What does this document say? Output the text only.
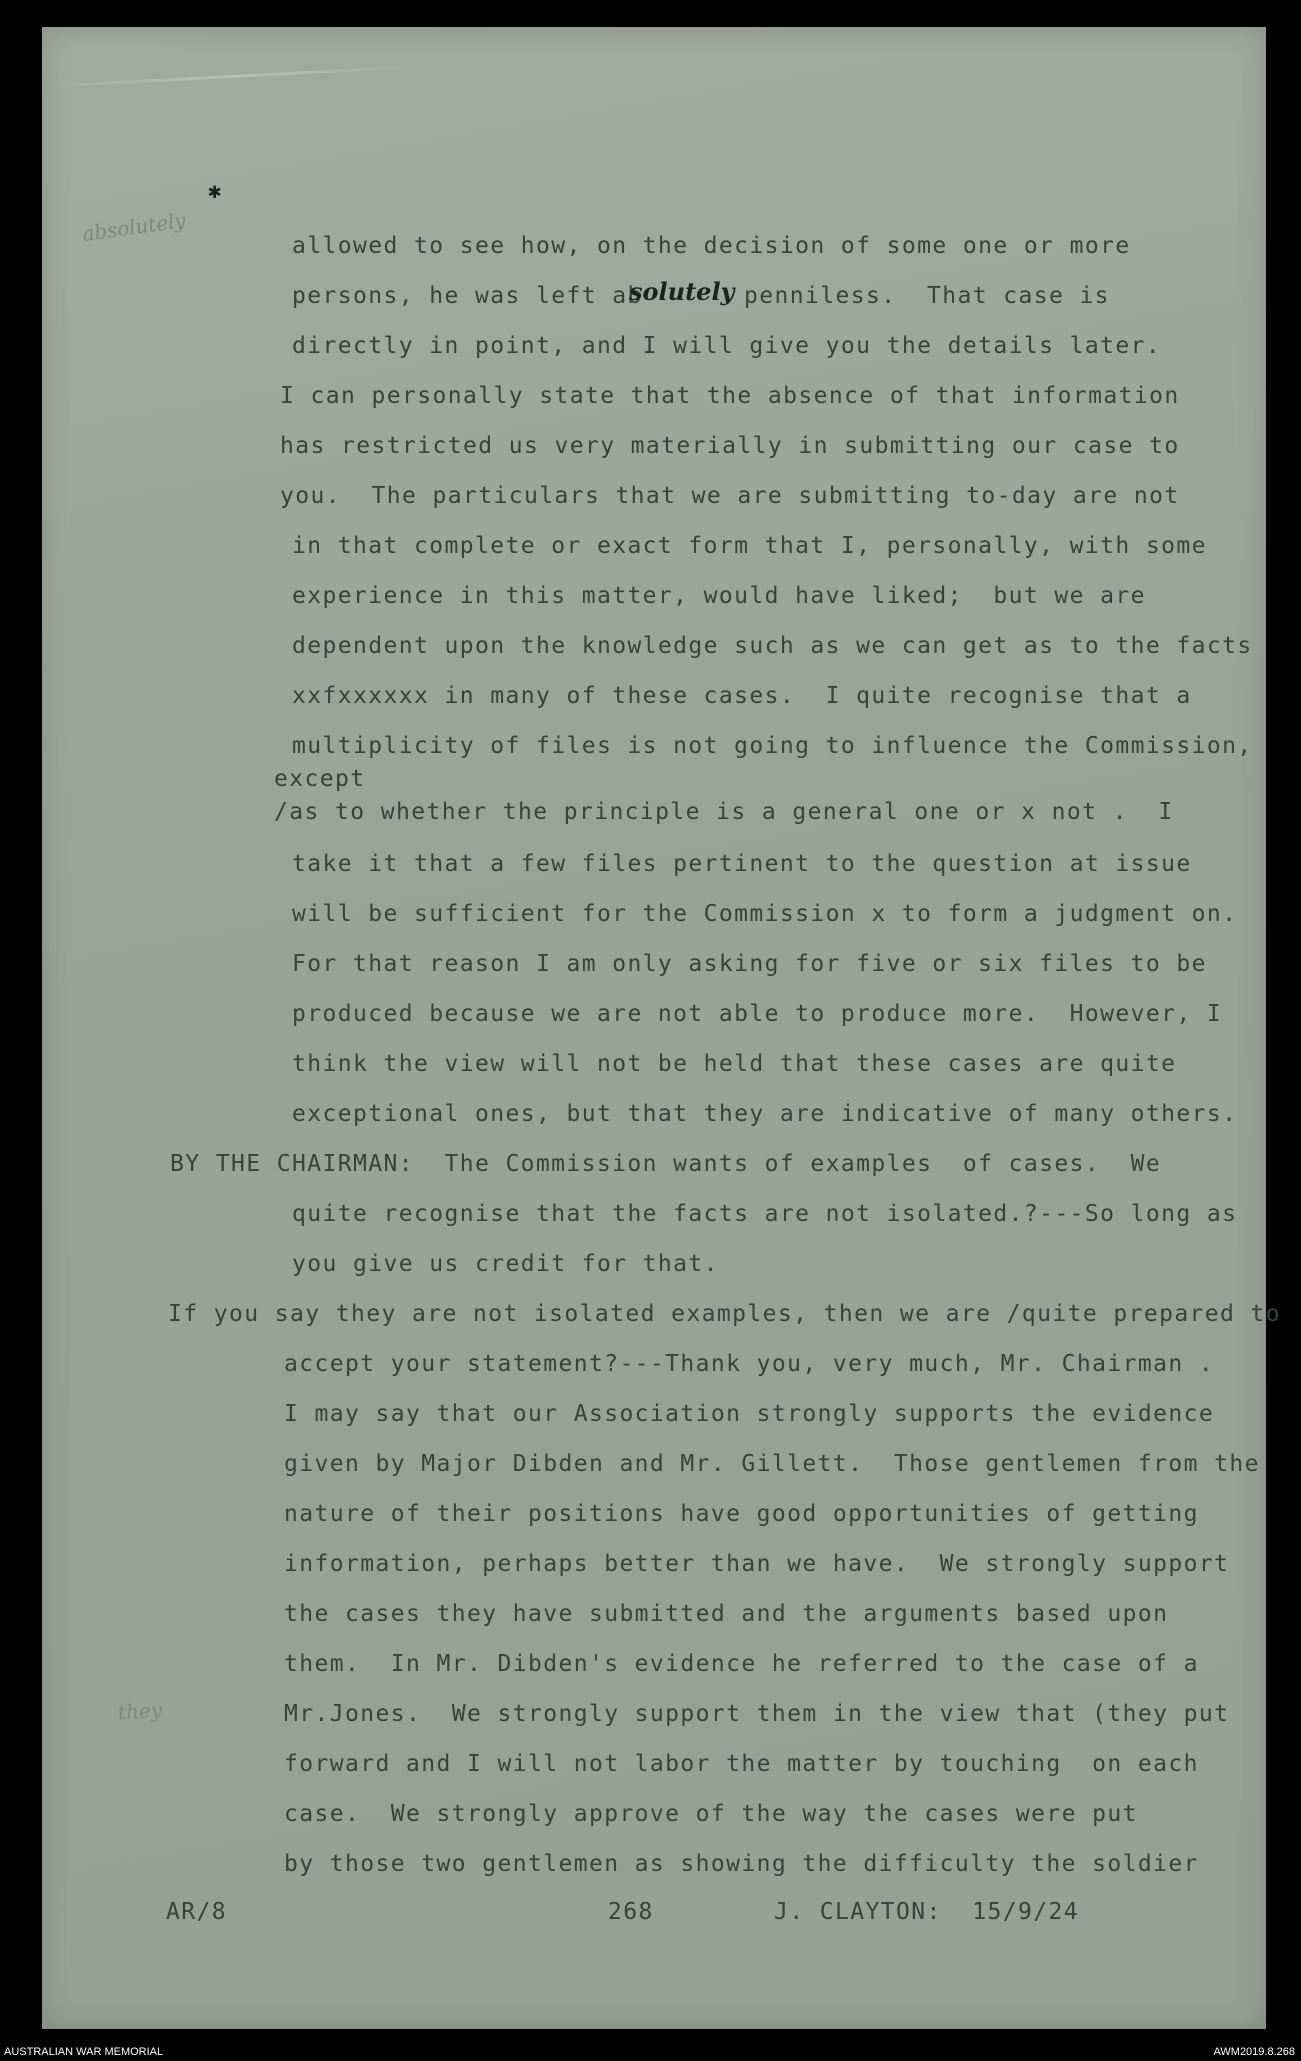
✱
absolutely
they
allowed to see how, on the decision of some one or more
persons, he was left ab
solutely penniless.  That case is
directly in point, and I will give you the details later.
I can personally state that the absence of that information
has restricted us very materially in submitting our case to
you.  The particulars that we are submitting to-day are not
in that complete or exact form that I, personally, with some
experience in this matter, would have liked;  but we are
dependent upon the knowledge such as we can get as to the facts
xxfxxxxxx in many of these cases.  I quite recognise that a
multiplicity of files is not going to influence the Commission,
except
/as to whether the principle is a general one or x not .  I
take it that a few files pertinent to the question at issue
will be sufficient for the Commission x to form a judgment on.
For that reason I am only asking for five or six files to be
produced because we are not able to produce more.  However, I
think the view will not be held that these cases are quite
exceptional ones, but that they are indicative of many others.
BY THE CHAIRMAN:  The Commission wants of examples  of cases.  We
quite recognise that the facts are not isolated.?---So long as
you give us credit for that.
If you say they are not isolated examples, then we are /quite prepared to
accept your statement?---Thank you, very much, Mr. Chairman .
I may say that our Association strongly supports the evidence
given by Major Dibden and Mr. Gillett.  Those gentlemen from the
nature of their positions have good opportunities of getting
information, perhaps better than we have.  We strongly support
the cases they have submitted and the arguments based upon
them.  In Mr. Dibden's evidence he referred to the case of a
Mr.Jones.  We strongly support them in the view that (they put
forward and I will not labor the matter by touching  on each
case.  We strongly approve of the way the cases were put
by those two gentlemen as showing the difficulty the soldier
AR/8	268	J. CLAYTON:  15/9/24
AUSTRALIAN WAR MEMORIAL	AWM2019.8.268
